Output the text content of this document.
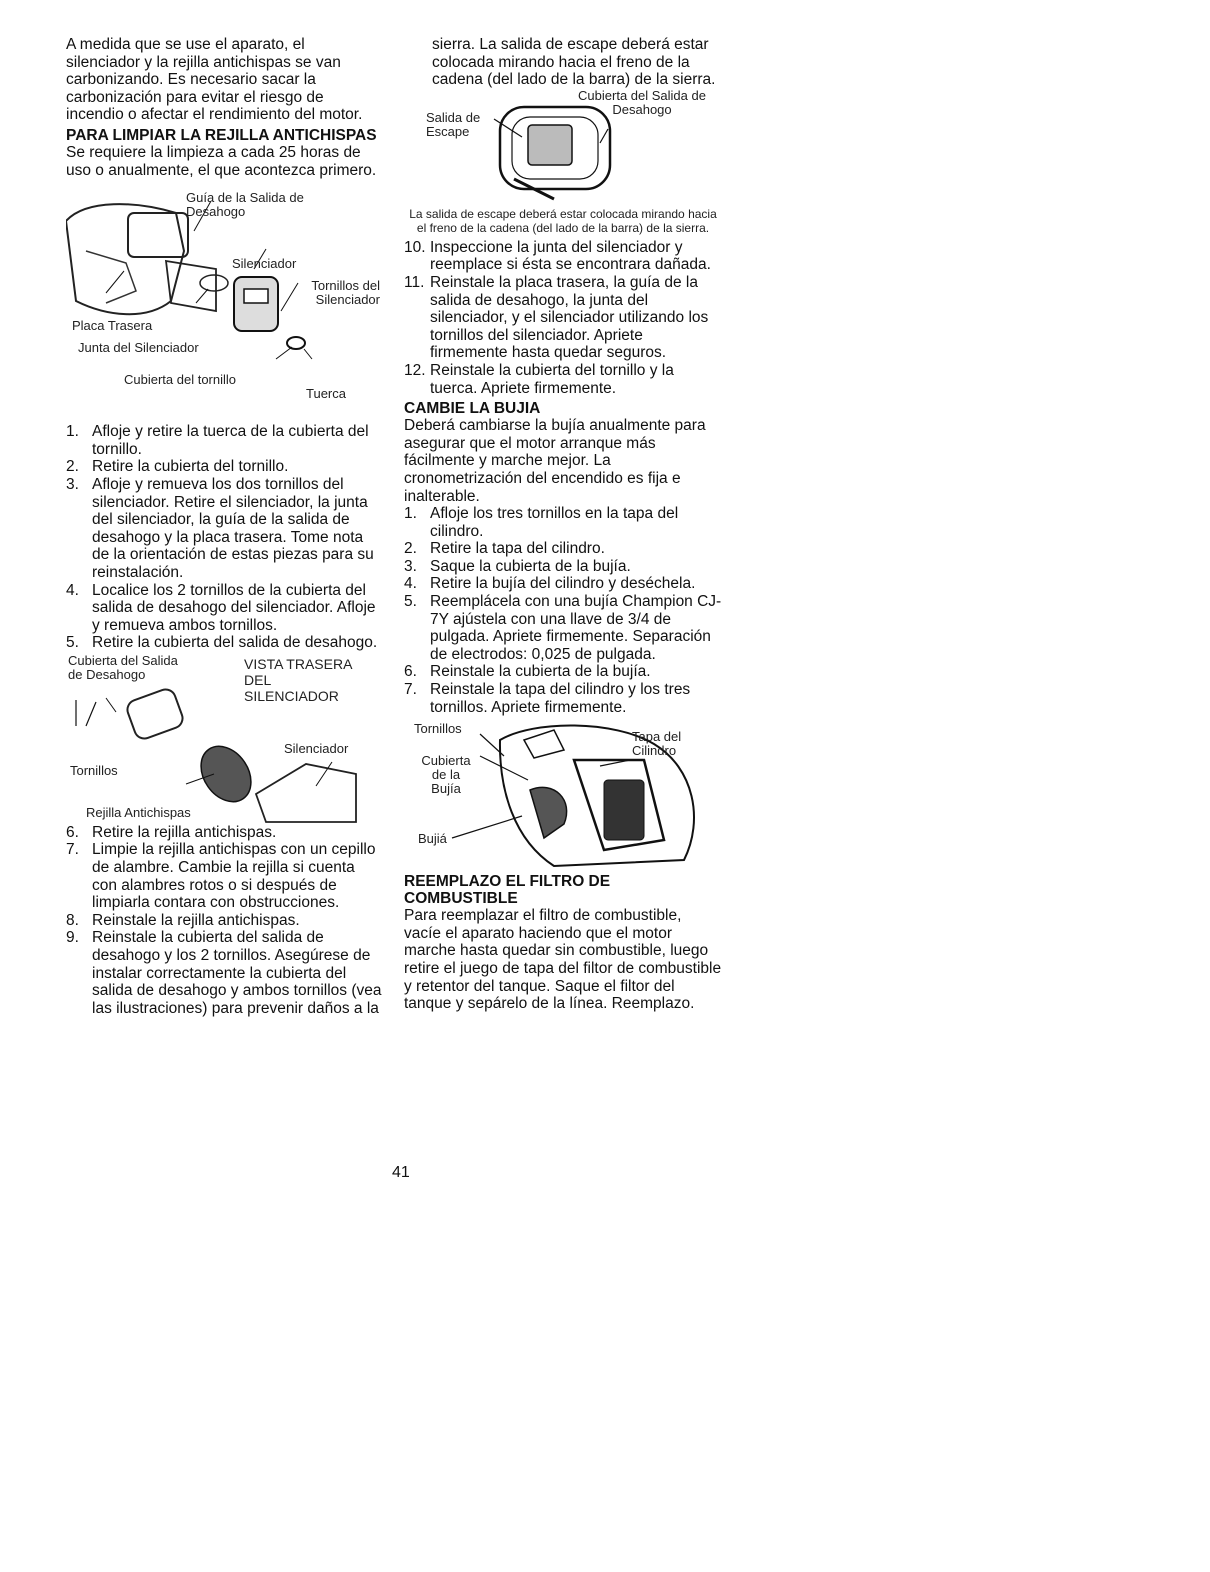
A medida que se use el aparato, el silenciador y la rejilla antichispas se van carbonizando. Es necesario sacar la carbonización para evitar el riesgo de incendio o afectar el rendimiento del motor.

PARA LIMPIAR LA REJILLA ANTICHISPAS

Se requiere la limpieza a cada 25 horas de uso o anualmente, el que acontezca primero.

Guía de la Salida de Desahogo
Silenciador
Tornillos del Silenciador
Placa Trasera
Junta del Silenciador
Cubierta del tornillo
Tuerca
1. Afloje y retire la tuerca de la cubierta del tornillo.
2. Retire la cubierta del tornillo.
3. Afloje y remueva los dos tornillos del silenciador. Retire el silenciador, la junta del silenciador, la guía de la salida de desahogo y la placa trasera. Tome nota de la orientación de estas piezas para su reinstalación.
4. Localice los 2 tornillos de la cubierta del salida de desahogo del silenciador. Afloje y remueva ambos tornillos.
5. Retire la cubierta del salida de desahogo.
Cubierta del Salida de Desahogo
VISTA TRASERA DEL SILENCIADOR
Silenciador
Tornillos
Rejilla Antichispas
6. Retire la rejilla antichispas.
7. Limpie la rejilla antichispas con un cepillo de alambre. Cambie la rejilla si cuenta con alambres rotos o si después de limpiarla contara con obstrucciones.
8. Reinstale la rejilla antichispas.
9. Reinstale la cubierta del salida de desahogo y los 2 tornillos. Asegúrese de instalar correctamente la cubierta del salida de desahogo y ambos tornillos (vea las ilustraciones) para prevenir daños a la

sierra. La salida de escape deberá estar colocada mirando hacia el freno de la cadena (del lado de la barra) de la sierra.

Cubierta del Salida de Desahogo
Salida de Escape
La salida de escape deberá estar colocada mirando hacia el freno de la cadena (del lado de la barra) de la sierra.
10. Inspeccione la junta del silenciador y reemplace si ésta se encontrara dañada.
11. Reinstale la placa trasera, la guía de la salida de desahogo, la junta del silenciador, y el silenciador utilizando los tornillos del silenciador. Apriete firmemente hasta quedar seguros.
12. Reinstale la cubierta del tornillo y la tuerca. Apriete firmemente.
CAMBIE LA BUJIA

Deberá cambiarse la bujía anualmente para asegurar que el motor arranque más fácilmente y marche mejor. La cronometrización del encendido es fija e inalterable.

1. Afloje los tres tornillos en la tapa del cilindro.
2. Retire la tapa del cilindro.
3. Saque la cubierta de la bujía.
4. Retire la bujía del cilindro y deséchela.
5. Reemplácela con una bujía Champion CJ-7Y ajústela con una llave de 3/4 de pulgada. Apriete firmemente. Separación de electrodos: 0,025 de pulgada.
6. Reinstale la cubierta de la bujía.
7. Reinstale la tapa del cilindro y los tres tornillos. Apriete firmemente.
Tornillos
Tapa del Cilindro
Cubierta de la Bujía
Bujiá
REEMPLAZO EL FILTRO DE COMBUSTIBLE

Para reemplazar el filtro de combustible, vacíe el aparato haciendo que el motor marche hasta quedar sin combustible, luego retire el juego de tapa del filtor de combustible y retentor del tanque. Saque el filtor del tanque y sepárelo de la línea. Reemplazo.

41
